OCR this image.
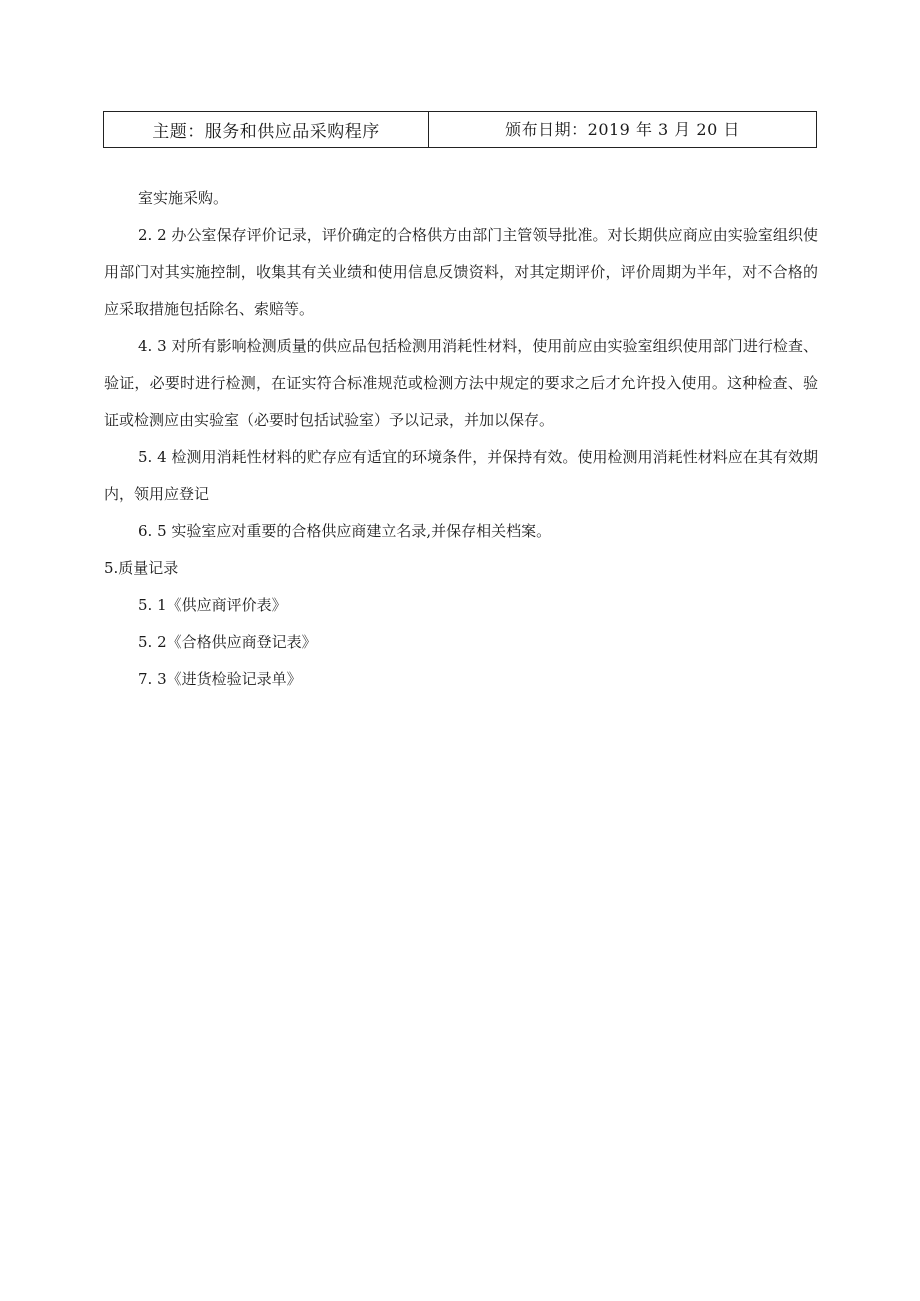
主题：服务和供应品采购程序	颁布日期：2019 年 3 月 20 日

室实施采购。

2. 2 办公室保存评价记录，评价确定的合格供方由部门主管领导批准。对长期供应商应由实验室组织使用部门对其实施控制，收集其有关业绩和使用信息反馈资料，对其定期评价，评价周期为半年，对不合格的应采取措施包括除名、索赔等。

4. 3 对所有影响检测质量的供应品包括检测用消耗性材料，使用前应由实验室组织使用部门进行检查、验证，必要时进行检测，在证实符合标准规范或检测方法中规定的要求之后才允许投入使用。这种检查、验证或检测应由实验室（必要时包括试验室）予以记录，并加以保存。

5. 4 检测用消耗性材料的贮存应有适宜的环境条件，并保持有效。使用检测用消耗性材料应在其有效期内，领用应登记

6. 5 实验室应对重要的合格供应商建立名录,并保存相关档案。

5.质量记录

5. 1《供应商评价表》

5. 2《合格供应商登记表》

7. 3《进货检验记录单》
